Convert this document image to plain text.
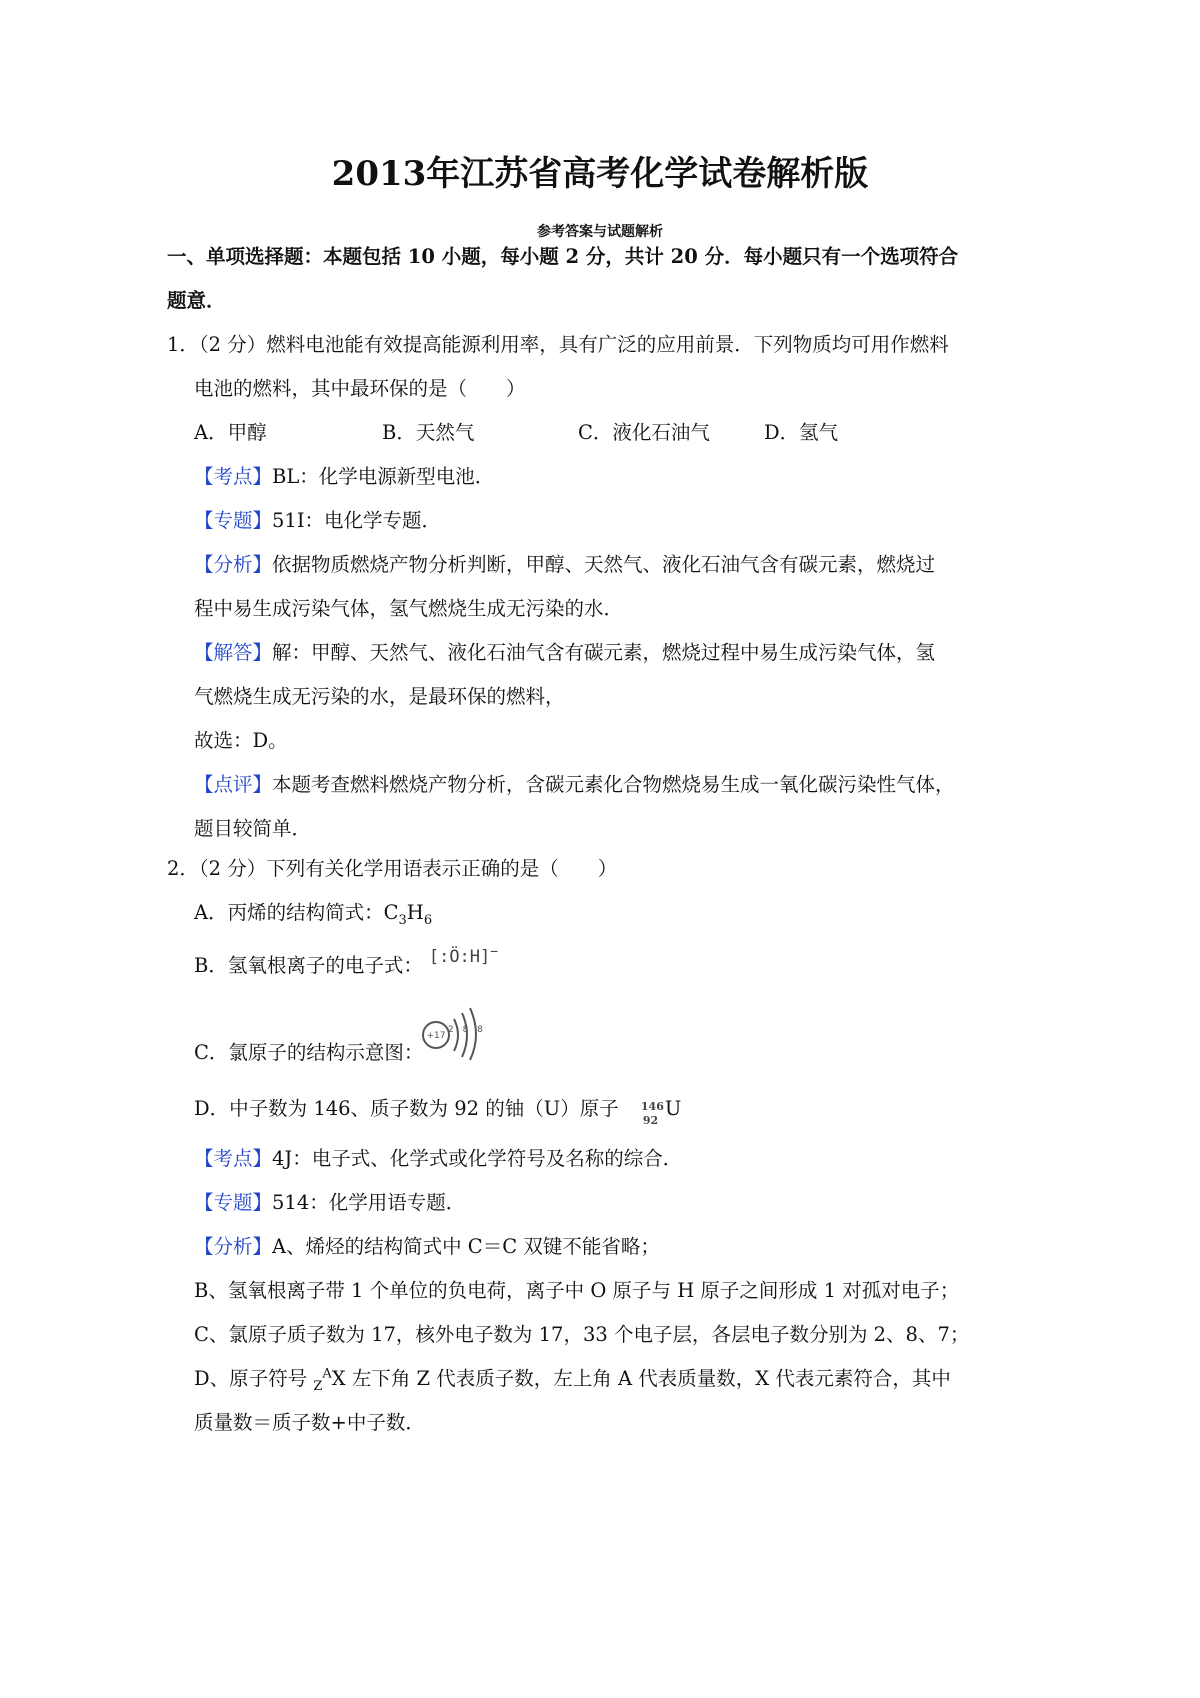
2013年江苏省高考化学试卷解析版
参考答案与试题解析
一、单项选择题：本题包括 10 小题，每小题 2 分，共计 20 分．每小题只有一个选项符合
题意．
1．（2 分）燃料电池能有效提高能源利用率，具有广泛的应用前景．下列物质均可用作燃料
电池的燃料，其中最环保的是（　　）
A．甲醇	B．天然气	C．液化石油气	D．氢气
【考点】BL：化学电源新型电池．
【专题】51I：电化学专题．
【分析】依据物质燃烧产物分析判断，甲醇、天然气、液化石油气含有碳元素，燃烧过
程中易生成污染气体，氢气燃烧生成无污染的水．
【解答】解：甲醇、天然气、液化石油气含有碳元素，燃烧过程中易生成污染气体，氢
气燃烧生成无污染的水，是最环保的燃料，
故选：D。
【点评】本题考查燃料燃烧产物分析，含碳元素化合物燃烧易生成一氧化碳污染性气体，
题目较简单．
2．（2 分）下列有关化学用语表示正确的是（　　）
A．丙烯的结构简式：$C_3H_6$
B．氢氧根离子的电子式： [:Ö:H]−
C．氯原子的结构示意图：
+17
2 8 8
D．中子数为 146、质子数为 92 的铀（U）原子 146
92
U
【考点】4J：电子式、化学式或化学符号及名称的综合．
【专题】514：化学用语专题．
【分析】A、烯烃的结构简式中 C＝C 双键不能省略；
B、氢氧根离子带 1 个单位的负电荷，离子中 O 原子与 H 原子之间形成 1 对孤对电子；
C、氯原子质子数为 17，核外电子数为 17，33 个电子层，各层电子数分别为 2、8、7；
D、原子符号 $_Z^A$X 左下角 Z 代表质子数，左上角 A 代表质量数，X 代表元素符合，其中
质量数＝质子数+中子数．
